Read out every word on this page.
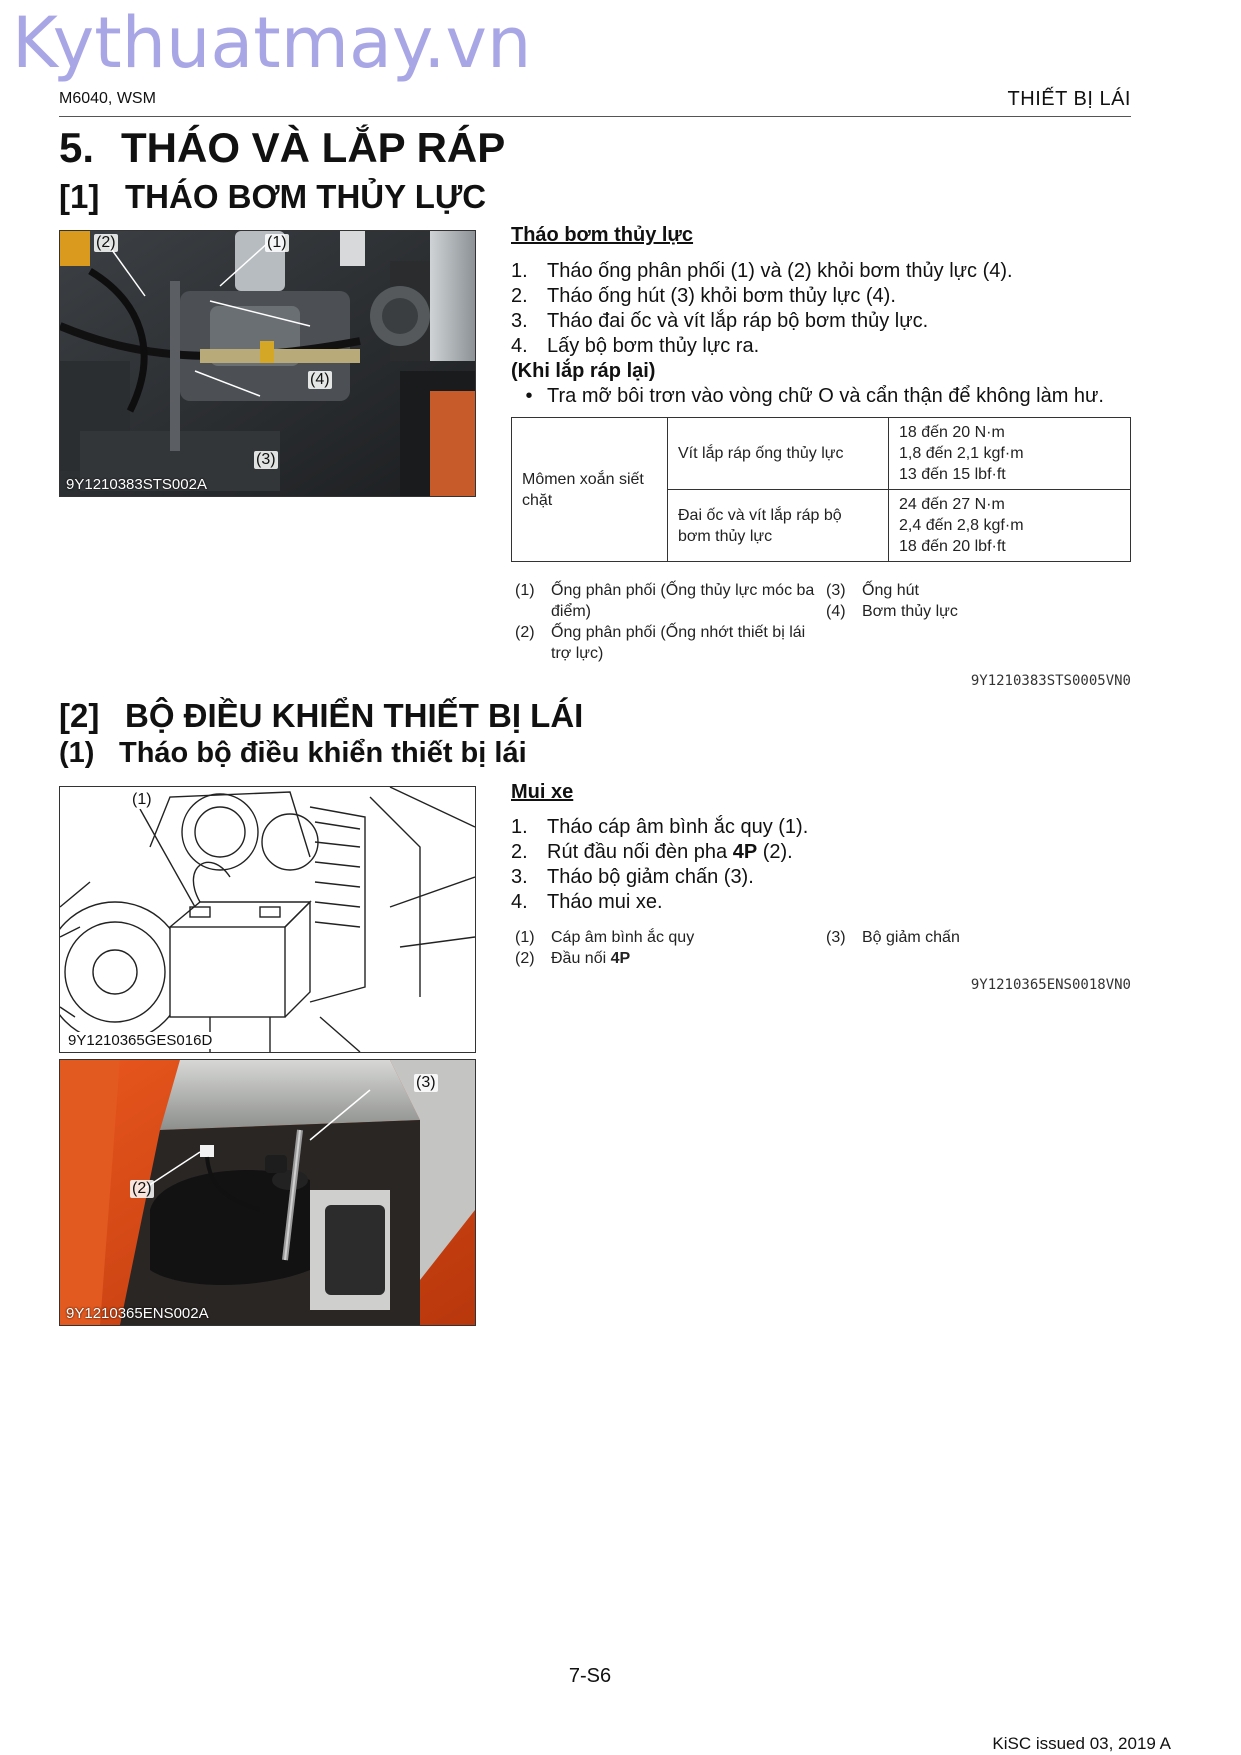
Kythuatmay.vn
M6040, WSM	THIẾT BỊ LÁI
5. THÁO VÀ LẮP RÁP
[1] THÁO BƠM THỦY LỰC
(2)	(1)
(4)
(3)
9Y1210383STS002A
Tháo bơm thủy lực
1. Tháo ống phân phối (1) và (2) khỏi bơm thủy lực (4).
2. Tháo ống hút (3) khỏi bơm thủy lực (4).
3. Tháo đai ốc và vít lắp ráp bộ bơm thủy lực.
4. Lấy bộ bơm thủy lực ra.
(Khi lắp ráp lại)
• Tra mỡ bôi trơn vào vòng chữ O và cẩn thận để không làm hư.
Mômen xoắn siết chặt	Vít lắp ráp ống thủy lực	18 đến 20 N·m
1,8 đến 2,1 kgf·m
13 đến 15 lbf·ft

	Đai ốc và vít lắp ráp bộ bơm thủy lực	24 đến 27 N·m
2,4 đến 2,8 kgf·m
18 đến 20 lbf·ft
(1)	Ống phân phối (Ống thủy lực móc ba điểm)
(2)	Ống phân phối (Ống nhớt thiết bị lái trợ lực)
(3)	Ống hút
(4)	Bơm thủy lực
9Y1210383STS0005VN0
[2] BỘ ĐIỀU KHIỂN THIẾT BỊ LÁI
(1) Tháo bộ điều khiển thiết bị lái
(1)
9Y1210365GES016D
(3)
(2)
9Y1210365ENS002A
Mui xe
1. Tháo cáp âm bình ắc quy (1).
2. Rút đầu nối đèn pha 4P (2).
3. Tháo bộ giảm chấn (3).
4. Tháo mui xe.
(1)	Cáp âm bình ắc quy
(2)	Đầu nối 4P
(3)	Bộ giảm chấn
9Y1210365ENS0018VN0
7-S6
KiSC issued 03, 2019 A
